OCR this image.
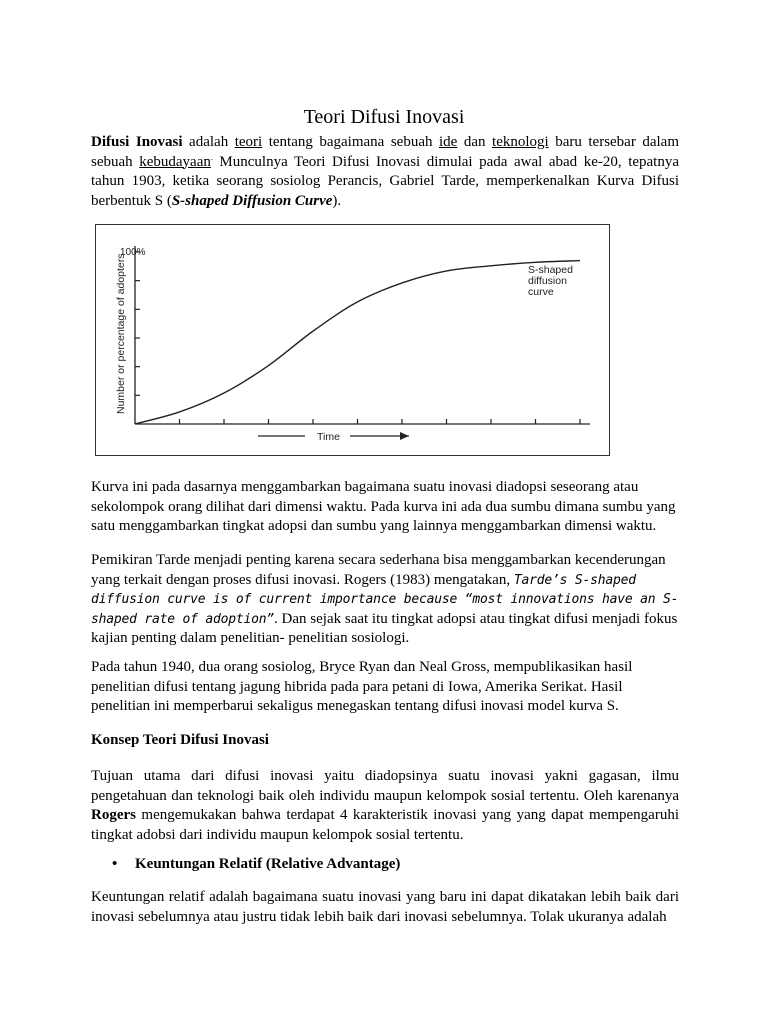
Teori Difusi Inovasi

Difusi Inovasi adalah teori tentang bagaimana sebuah ide dan teknologi baru tersebar dalam sebuah kebudayaan. Munculnya Teori Difusi Inovasi dimulai pada awal abad ke-20, tepatnya tahun 1903, ketika seorang sosiolog Perancis, Gabriel Tarde, memperkenalkan Kurva Difusi berbentuk S (S-shaped Diffusion Curve).

100%
Number or percentage of adopters	S-shaped
diffusion
curve
Time

Kurva ini pada dasarnya menggambarkan bagaimana suatu inovasi diadopsi seseorang atau
sekolompok orang dilihat dari dimensi waktu. Pada kurva ini ada dua sumbu dimana sumbu yang
satu menggambarkan tingkat adopsi dan sumbu yang lainnya menggambarkan dimensi waktu.

Pemikiran Tarde menjadi penting karena secara sederhana bisa menggambarkan kecenderungan yang terkait dengan proses difusi inovasi. Rogers (1983) mengatakan, Tarde’s S-shaped diffusion curve is of current importance because “most innovations have an S-shaped rate of adoption”. Dan sejak saat itu tingkat adopsi atau tingkat difusi menjadi fokus kajian penting dalam penelitian- penelitian sosiologi.

Pada tahun 1940, dua orang sosiolog, Bryce Ryan dan Neal Gross, mempublikasikan hasil penelitian difusi tentang jagung hibrida pada para petani di Iowa, Amerika Serikat. Hasil penelitian ini memperbarui sekaligus menegaskan tentang difusi inovasi model kurva S.

Konsep Teori Difusi Inovasi

Tujuan utama dari difusi inovasi yaitu diadopsinya suatu inovasi yakni gagasan, ilmu pengetahuan dan teknologi baik oleh individu maupun kelompok sosial tertentu. Oleh karenanya Rogers mengemukakan bahwa terdapat 4 karakteristik inovasi yang yang dapat mempengaruhi tingkat adobsi dari individu maupun kelompok sosial tertentu.

• Keuntungan Relatif (Relative Advantage)

Keuntungan relatif adalah bagaimana suatu inovasi yang baru ini dapat dikatakan lebih baik dari inovasi sebelumnya atau justru tidak lebih baik dari inovasi sebelumnya. Tolak ukuranya adalah
